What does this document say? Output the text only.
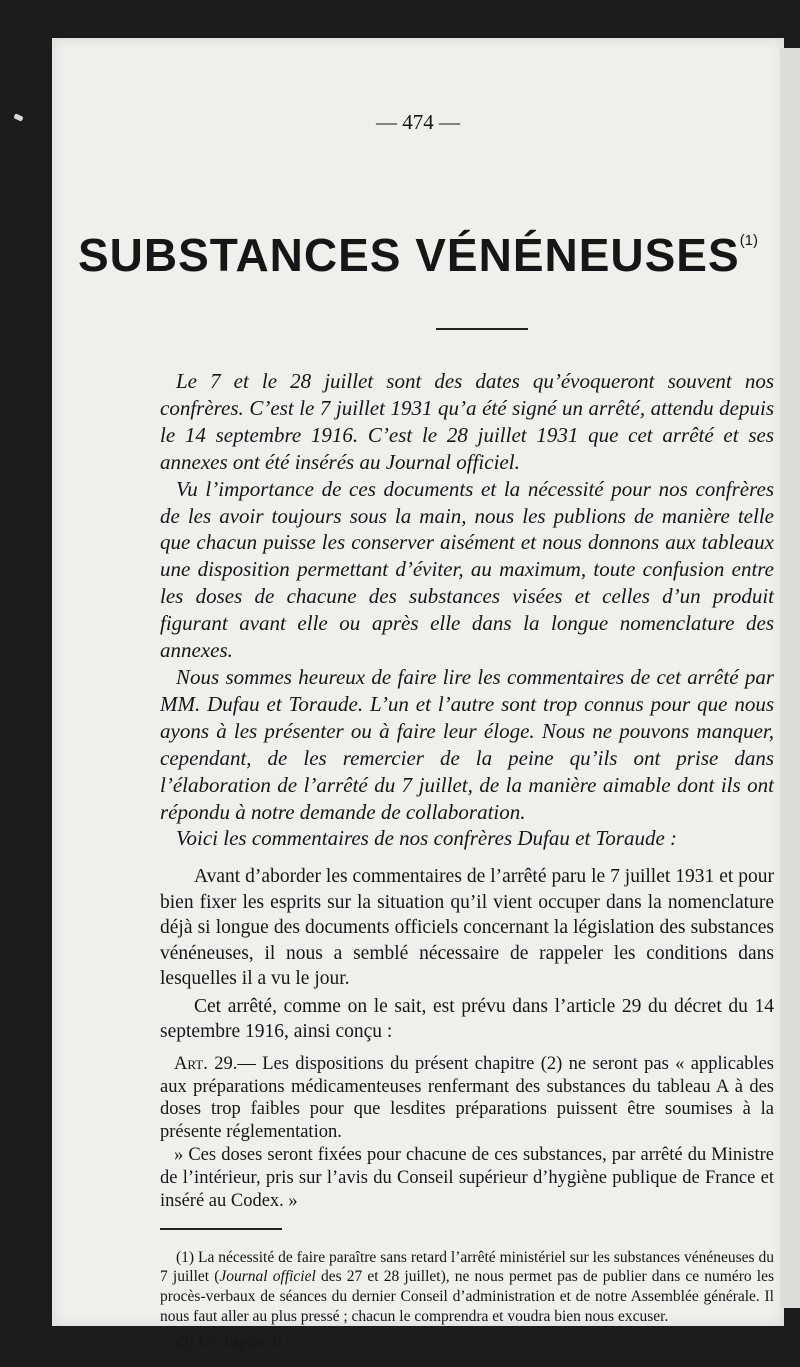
— 474 —
SUBSTANCES VÉNÉNEUSES$^{(1)}$

Le 7 et le 28 juillet sont des dates qu’évoqueront souvent nos confrères. C’est le 7 juillet 1931 qu’a été signé un arrêté, attendu depuis le 14 septembre 1916. C’est le 28 juillet 1931 que cet arrêté et ses annexes ont été insérés au Journal officiel.

Vu l’importance de ces documents et la nécessité pour nos confrères de les avoir toujours sous la main, nous les publions de manière telle que chacun puisse les conserver aisément et nous donnons aux tableaux une disposition permettant d’éviter, au maximum, toute confusion entre les doses de chacune des substances visées et celles d’un produit figurant avant elle ou après elle dans la longue nomenclature des annexes.

Nous sommes heureux de faire lire les commentaires de cet arrêté par MM. Dufau et Toraude. L’un et l’autre sont trop connus pour que nous ayons à les présenter ou à faire leur éloge. Nous ne pouvons manquer, cependant, de les remercier de la peine qu’ils ont prise dans l’élaboration de l’arrêté du 7 juillet, de la manière aimable dont ils ont répondu à notre demande de collaboration.

Voici les commentaires de nos confrères Dufau et Toraude :

Avant d’aborder les commentaires de l’arrêté paru le 7 juillet 1931 et pour bien fixer les esprits sur la situation qu’il vient occuper dans la nomenclature déjà si longue des documents officiels concernant la législation des substances vénéneuses, il nous a semblé nécessaire de rappeler les conditions dans lesquelles il a vu le jour.

Cet arrêté, comme on le sait, est prévu dans l’article 29 du décret du 14 septembre 1916, ainsi conçu :

Art. 29.— Les dispositions du présent chapitre (2) ne seront pas « applicables aux préparations médicamenteuses renfermant des substances du tableau A à des doses trop faibles pour que lesdites préparations puissent être soumises à la présente réglementation.

» Ces doses seront fixées pour chacune de ces substances, par arrêté du Ministre de l’intérieur, pris sur l’avis du Conseil supérieur d’hygiène publique de France et inséré au Codex. »

(1) La nécessité de faire paraître sans retard l’arrêté ministériel sur les substances vénéneuses du 7 juillet (Journal officiel des 27 et 28 juillet), ne nous permet pas de publier dans ce numéro les procès-verbaux de séances du dernier Conseil d’administration et de notre Assemblée générale. Il nous faut aller au plus pressé ; chacun le comprendra et voudra bien nous excuser.

(2) Le chapitre II.
